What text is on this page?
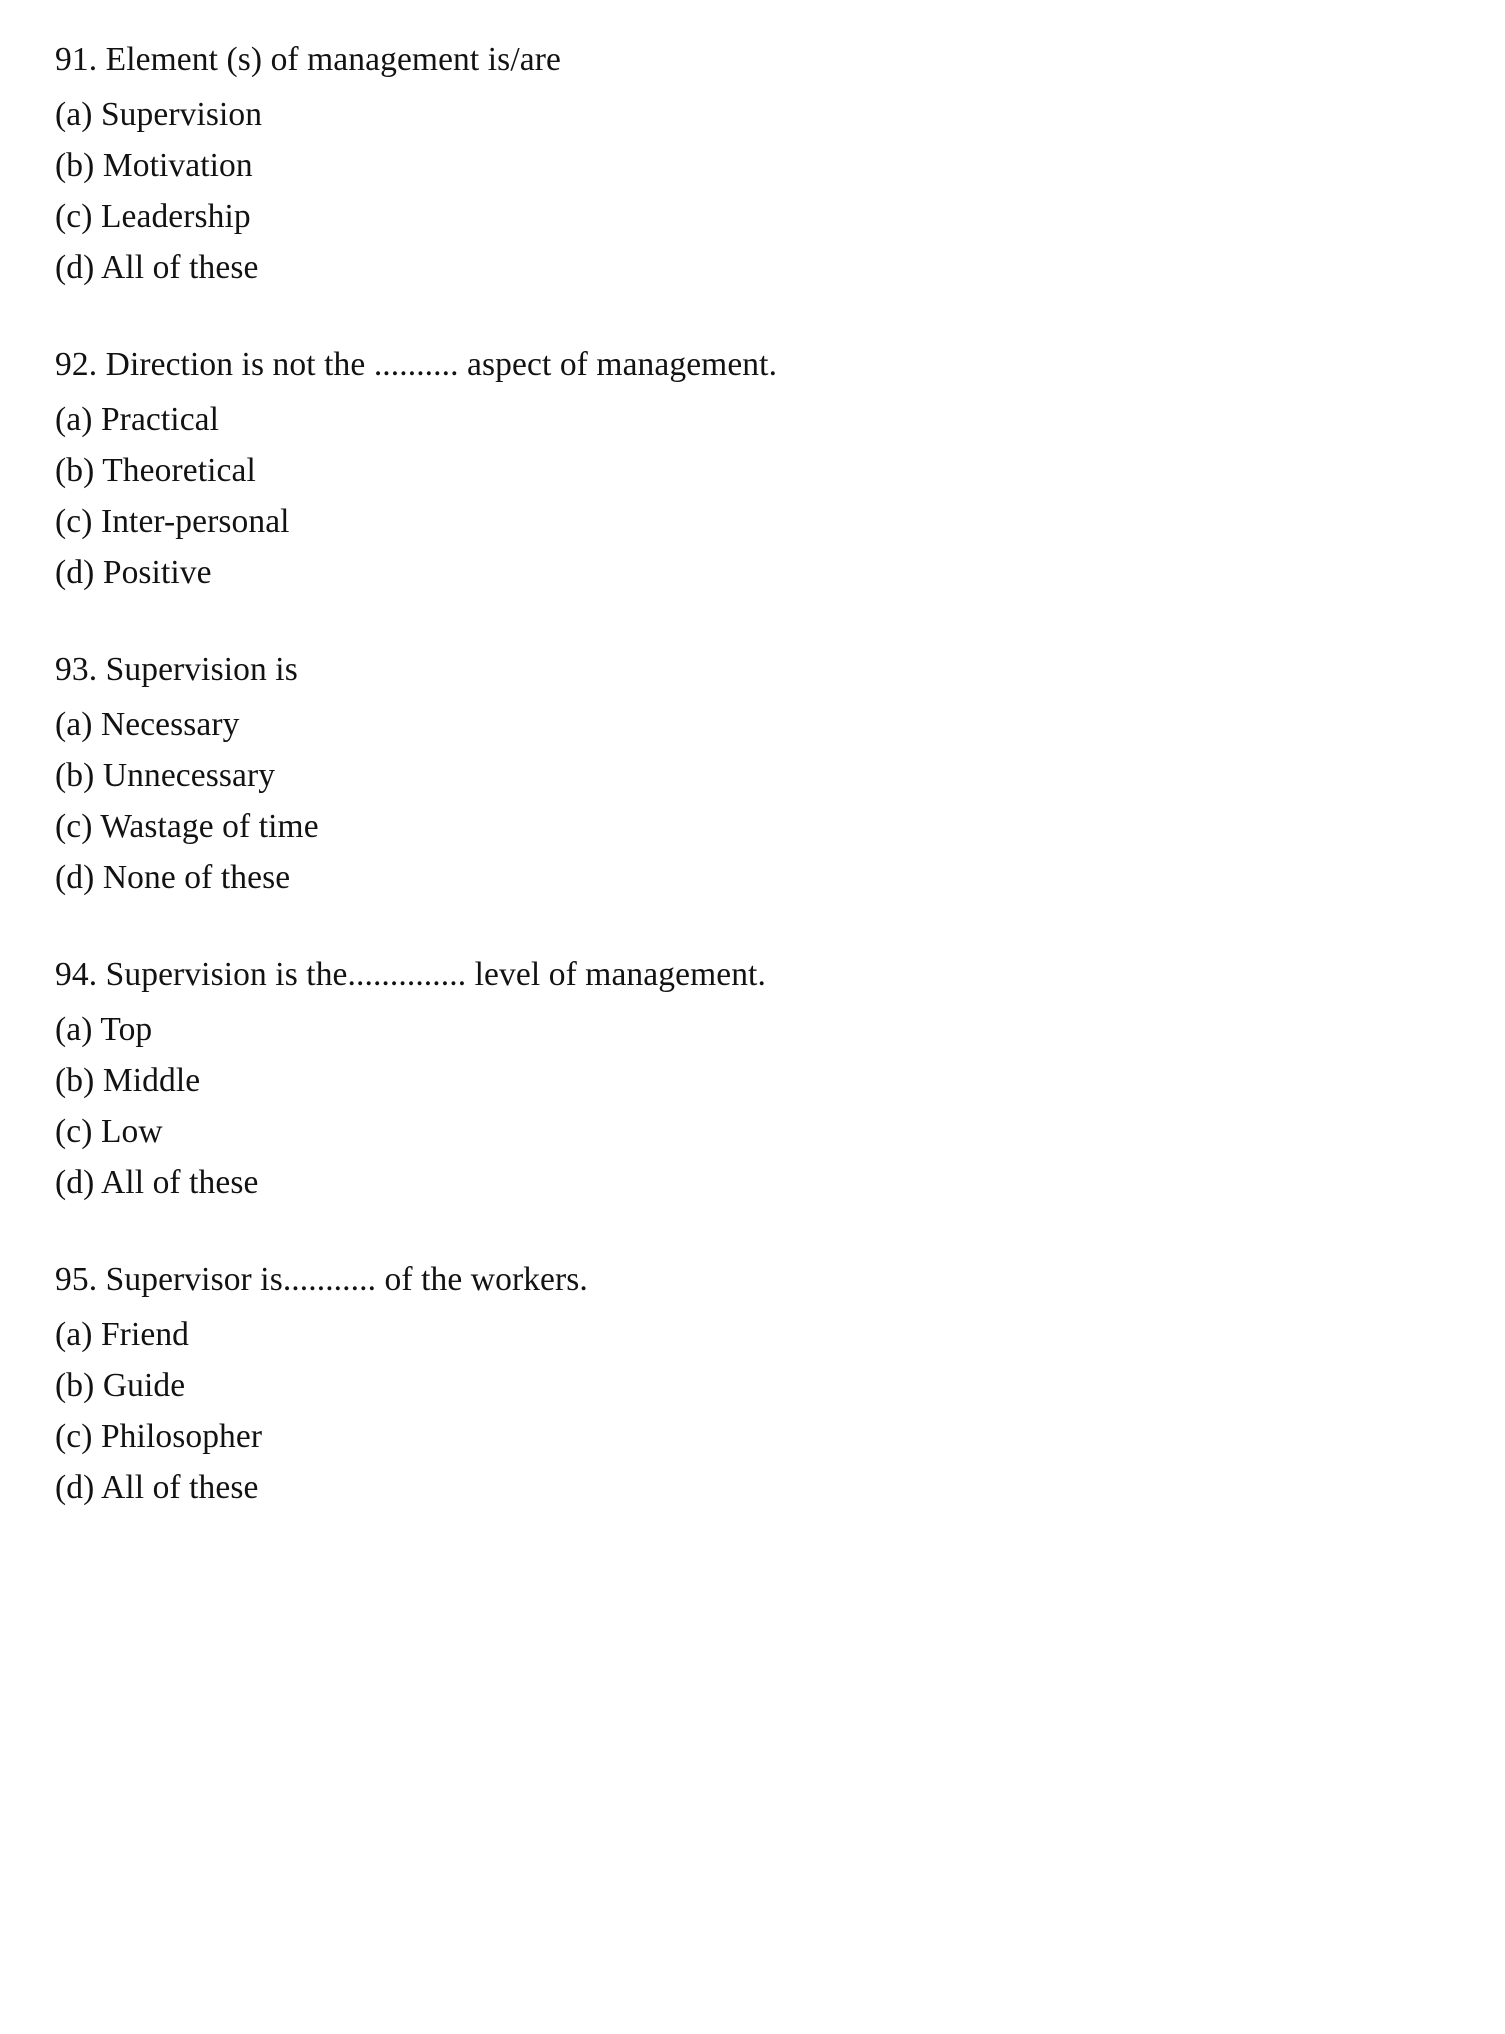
91. Element (s) of management is/are

(a) Supervision
(b) Motivation
(c) Leadership
(d) All of these

92. Direction is not the .......... aspect of management.

(a) Practical
(b) Theoretical
(c) Inter-personal
(d) Positive

93. Supervision is

(a) Necessary
(b) Unnecessary
(c) Wastage of time
(d) None of these

94. Supervision is the.............. level of management.

(a) Top
(b) Middle
(c) Low
(d) All of these

95. Supervisor is........... of the workers.

(a) Friend
(b) Guide
(c) Philosopher
(d) All of these
